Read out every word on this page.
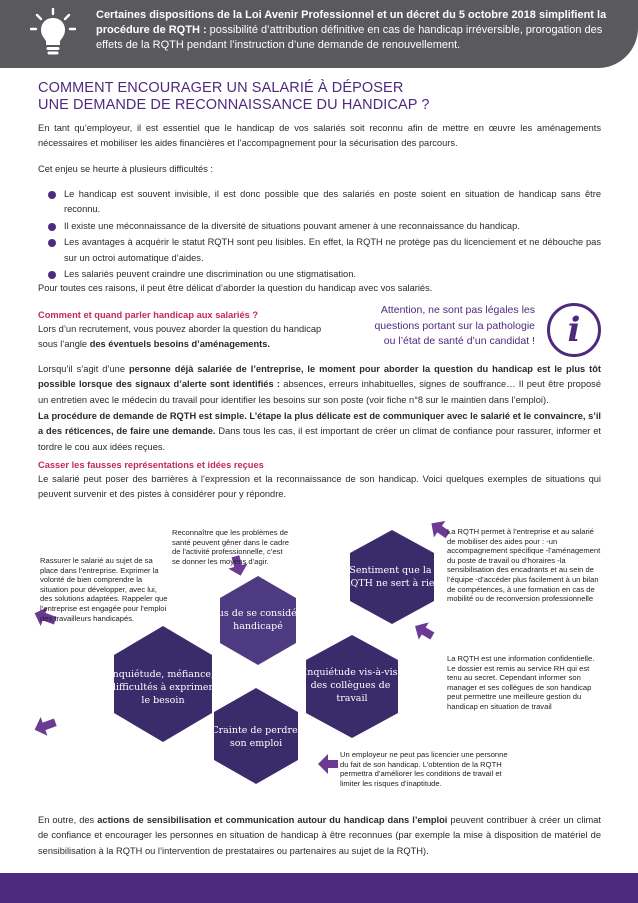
Certaines dispositions de la Loi Avenir Professionnel et un décret du 5 octobre 2018 simplifient la procédure de RQTH : possibilité d’attribution définitive en cas de handicap irréversible, prorogation des effets de la RQTH pendant l’instruction d’une demande de renouvellement.
COMMENT ENCOURAGER UN SALARIÉ À DÉPOSER
UNE DEMANDE DE RECONNAISSANCE DU HANDICAP ?

En tant qu’employeur, il est essentiel que le handicap de vos salariés soit reconnu afin de mettre en œuvre les aménagements nécessaires et mobiliser les aides financières et l’accompagnement pour la sécurisation des parcours.

Cet enjeu se heurte à plusieurs difficultés :

Le handicap est souvent invisible, il est donc possible que des salariés en poste soient en situation de handicap sans être reconnu.
Il existe une méconnaissance de la diversité de situations pouvant amener à une reconnaissance du handicap.
Les avantages à acquérir le statut RQTH sont peu lisibles. En effet, la RQTH ne protège pas du licenciement et ne débouche pas sur un octroi automatique d’aides.
Les salariés peuvent craindre une discrimination ou une stigmatisation.

Pour toutes ces raisons, il peut être délicat d’aborder la question du handicap avec vos salariés.

Comment et quand parler handicap aux salariés ?

Lors d’un recrutement, vous pouvez aborder la question du handicap sous l’angle des éventuels besoins d’aménagements.

Attention, ne sont pas légales les questions portant sur la pathologie ou l’état de santé d’un candidat ! i

Lorsqu’il s’agit d’une personne déjà salariée de l’entreprise, le moment pour aborder la question du handicap est le plus tôt possible lorsque des signaux d’alerte sont identifiés : absences, erreurs inhabituelles, signes de souffrance… Il peut être proposé un entretien avec le médecin du travail pour identifier les besoins sur son poste (voir fiche n°8 sur le maintien dans l’emploi).

La procédure de demande de RQTH est simple. L’étape la plus délicate est de communiquer avec le salarié et le convaincre, s’il a des réticences, de faire une demande. Dans tous les cas, il est important de créer un climat de confiance pour rassurer, informer et tordre le cou aux idées reçues.

Casser les fausses représentations et idées reçues

Le salarié peut poser des barrières à l’expression et la reconnaissance de son handicap. Voici quelques exemples de situations qui peuvent survenir et des pistes à considérer pour y répondre.

Sentiment que la RQTH ne sert à rien
Refus de se considérer handicapé
Inquiétude, méfiance, difficultés à exprimer le besoin
Inquiétude vis-à-vis des collègues de travail
Crainte de perdre son emploi

Rassurer le salarié au sujet de sa place dans l’entreprise. Exprimer la volonté de bien comprendre la situation pour développer, avec lui, des solutions adaptées. Rappeler que l’entreprise est engagée pour l’emploi des travailleurs handicapés.

Reconnaître que les problèmes de santé peuvent gêner dans le cadre de l’activité professionnelle, c’est se donner les moyens d’agir.

La RQTH permet à l’entreprise et au salarié de mobiliser des aides pour : -un accompagnement spécifique -l’aménagement du poste de travail ou d’horaires -la sensibilisation des encadrants et au sein de l’équipe -d’accéder plus facilement à un bilan de compétences, à une formation en cas de mobilité ou de reconversion professionnelle

La RQTH est une information confidentielle. Le dossier est remis au service RH qui est tenu au secret. Cependant informer son manager et ses collègues de son handicap peut permettre une meilleure gestion du handicap en situation de travail

Un employeur ne peut pas licencier une personne du fait de son handicap. L’obtention de la RQTH permettra d’améliorer les conditions de travail et limiter les risques d’inaptitude.

En outre, des actions de sensibilisation et communication autour du handicap dans l’emploi peuvent contribuer à créer un climat de confiance et encourager les personnes en situation de handicap à être reconnues (par exemple la mise à disposition de matériel de sensibilisation à la RQTH ou l’intervention de prestataires ou partenaires au sujet de la RQTH).
